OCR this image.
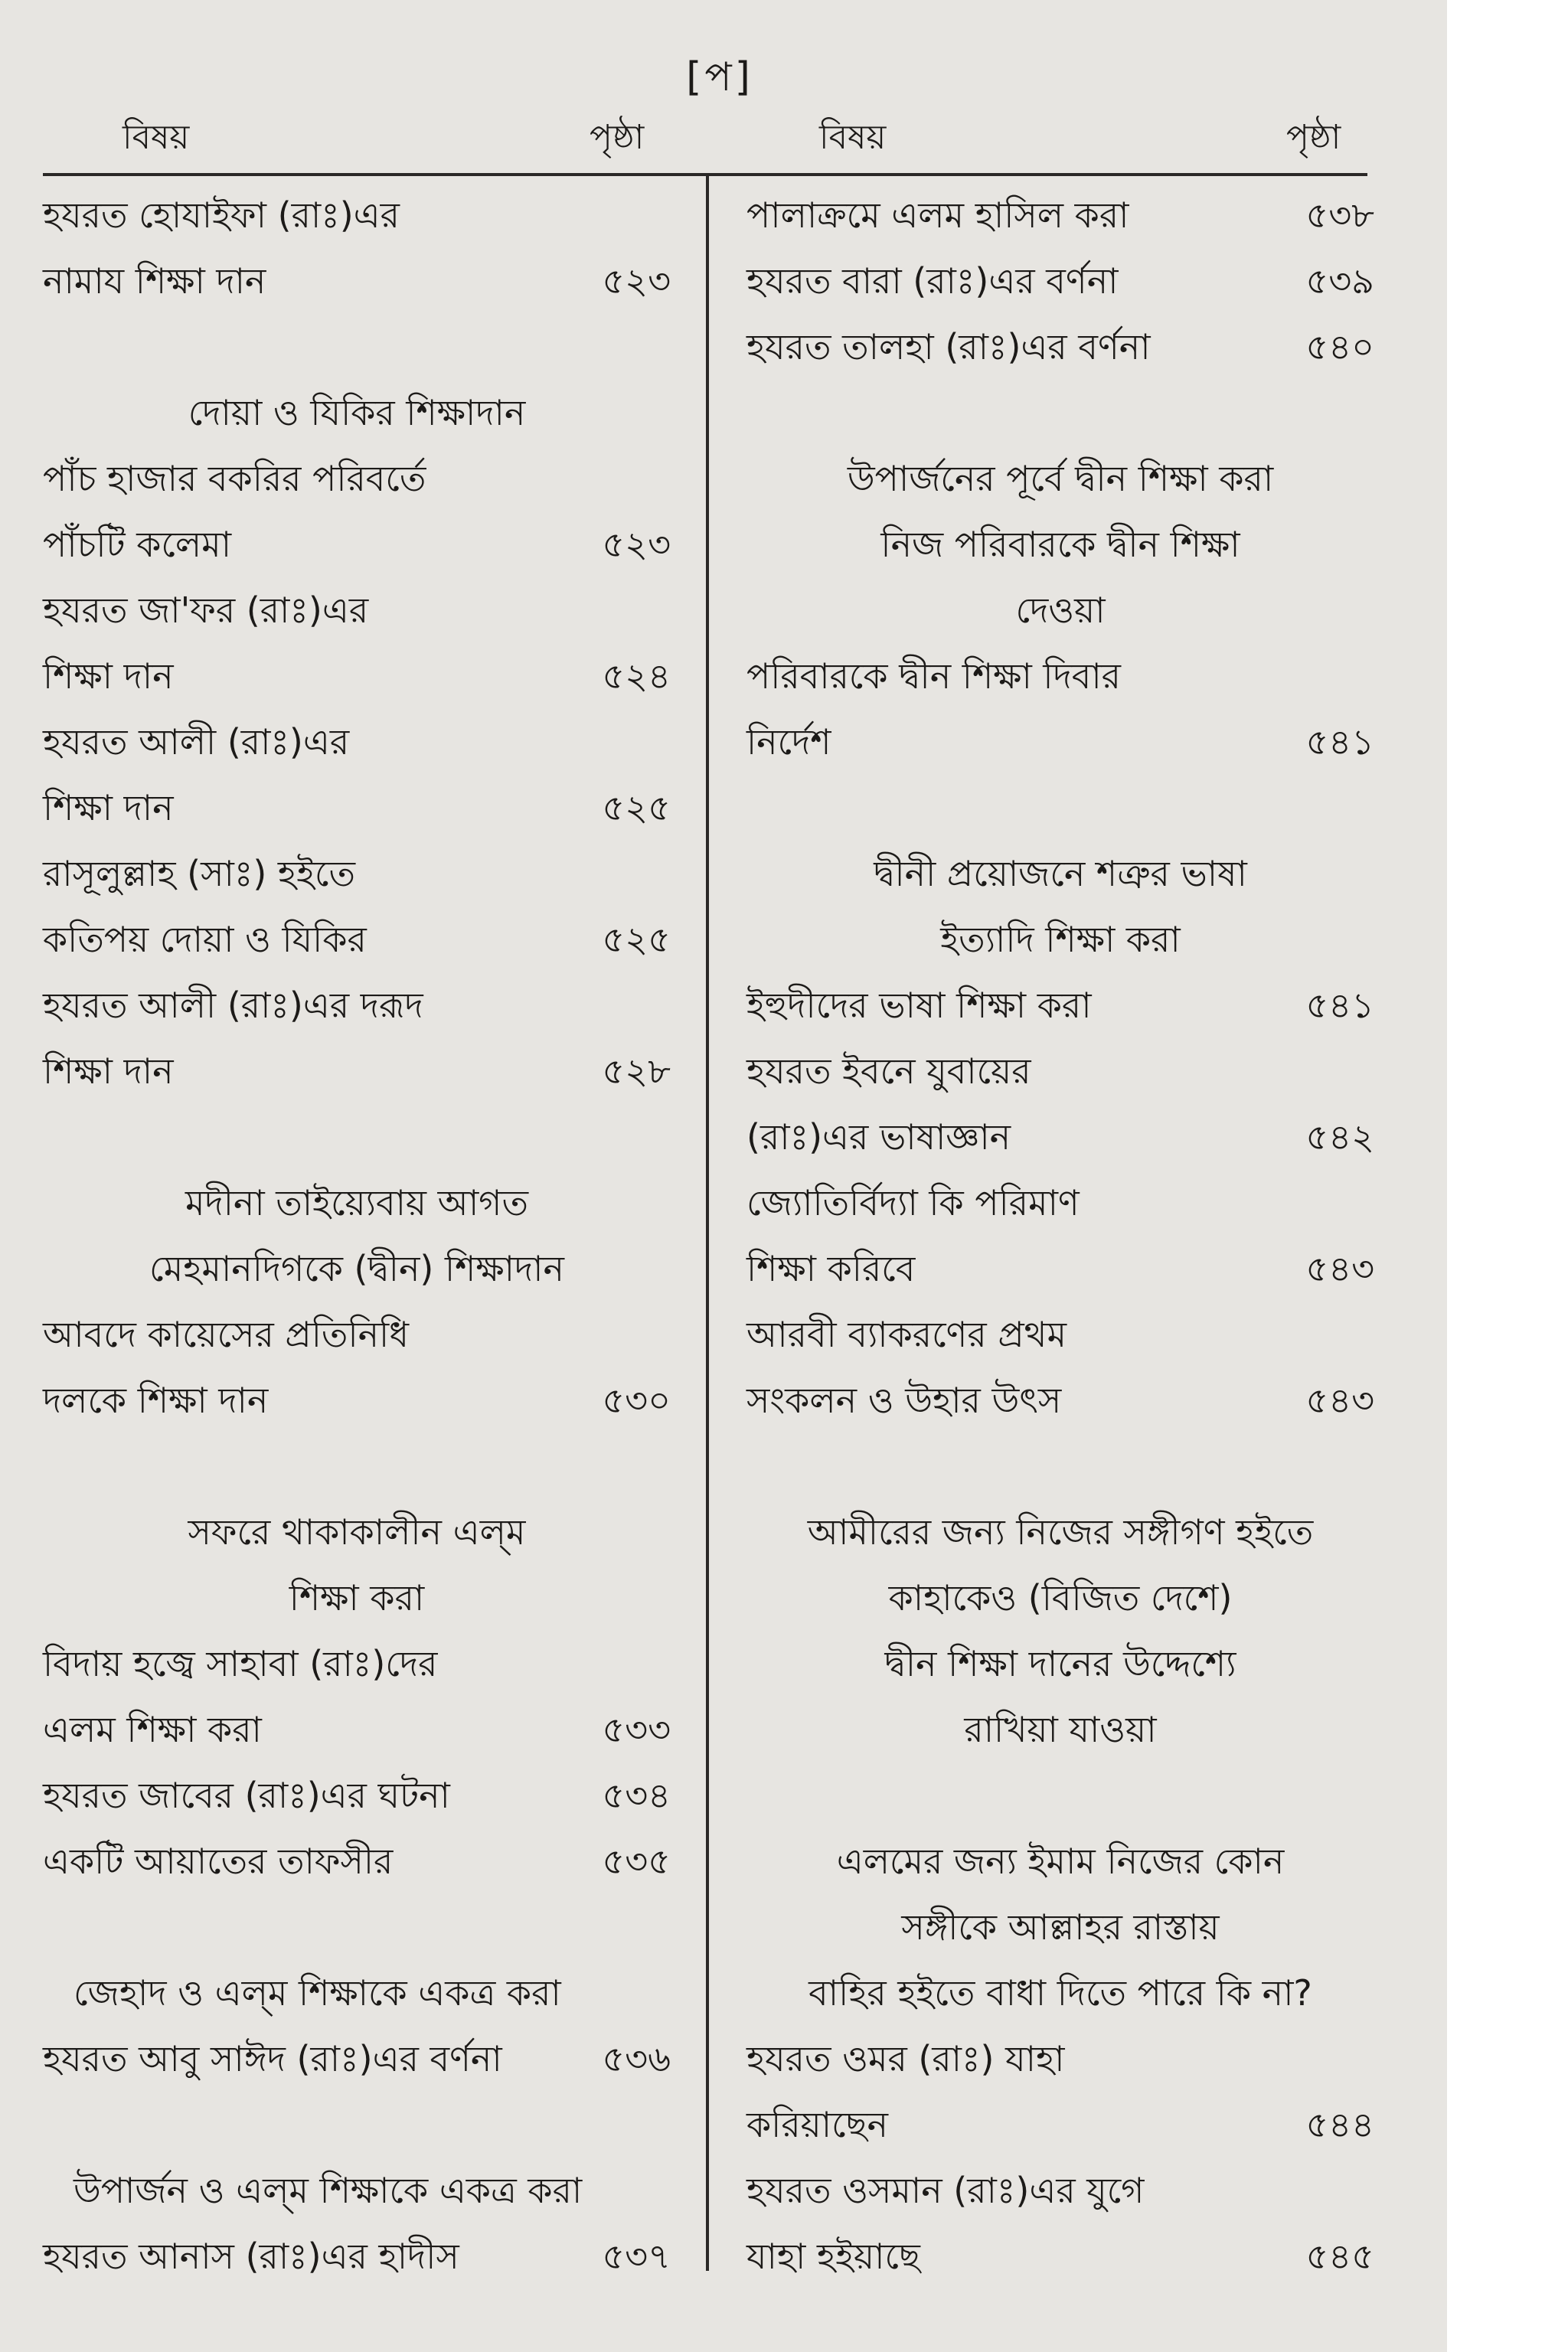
[প]
বিষয়	পৃষ্ঠা	বিষয়	পৃষ্ঠা
হযরত হোযাইফা (রাঃ)এর
নামায শিক্ষা দান	৫২৩
দোয়া ও যিকির শিক্ষাদান
পাঁচ হাজার বকরির পরিবর্তে
পাঁচটি কলেমা	৫২৩
হযরত জা'ফর (রাঃ)এর
শিক্ষা দান	৫২৪
হযরত আলী (রাঃ)এর
শিক্ষা দান	৫২৫
রাসূলুল্লাহ (সাঃ) হইতে
কতিপয় দোয়া ও যিকির	৫২৫
হযরত আলী (রাঃ)এর দরূদ
শিক্ষা দান	৫২৮
মদীনা তাইয়্যেবায় আগত
মেহমানদিগকে (দ্বীন) শিক্ষাদান
আবদে কায়েসের প্রতিনিধি
দলকে শিক্ষা দান	৫৩০
সফরে থাকাকালীন এল্‌ম
শিক্ষা করা
বিদায় হজ্বে সাহাবা (রাঃ)দের
এলম শিক্ষা করা	৫৩৩
হযরত জাবের (রাঃ)এর ঘটনা	৫৩৪
একটি আয়াতের তাফসীর	৫৩৫
জেহাদ ও এল্‌ম শিক্ষাকে একত্র করা
হযরত আবু সাঈদ (রাঃ)এর বর্ণনা	৫৩৬
উপার্জন ও এল্‌ম শিক্ষাকে একত্র করা
হযরত আনাস (রাঃ)এর হাদীস	৫৩৭
পালাক্রমে এলম হাসিল করা	৫৩৮
হযরত বারা (রাঃ)এর বর্ণনা	৫৩৯
হযরত তালহা (রাঃ)এর বর্ণনা	৫৪০
উপার্জনের পূর্বে দ্বীন শিক্ষা করা
নিজ পরিবারকে দ্বীন শিক্ষা
দেওয়া
পরিবারকে দ্বীন শিক্ষা দিবার
নির্দেশ	৫৪১
দ্বীনী প্রয়োজনে শত্রুর ভাষা
ইত্যাদি শিক্ষা করা
ইহুদীদের ভাষা শিক্ষা করা	৫৪১
হযরত ইবনে যুবায়ের
(রাঃ)এর ভাষাজ্ঞান	৫৪২
জ্যোতির্বিদ্যা কি পরিমাণ
শিক্ষা করিবে	৫৪৩
আরবী ব্যাকরণের প্রথম
সংকলন ও উহার উৎস	৫৪৩
আমীরের জন্য নিজের সঙ্গীগণ হইতে
কাহাকেও (বিজিত দেশে)
দ্বীন শিক্ষা দানের উদ্দেশ্যে
রাখিয়া যাওয়া
এলমের জন্য ইমাম নিজের কোন
সঙ্গীকে আল্লাহর রাস্তায়
বাহির হইতে বাধা দিতে পারে কি না?
হযরত ওমর (রাঃ) যাহা
করিয়াছেন	৫৪৪
হযরত ওসমান (রাঃ)এর যুগে
যাহা হইয়াছে	৫৪৫
